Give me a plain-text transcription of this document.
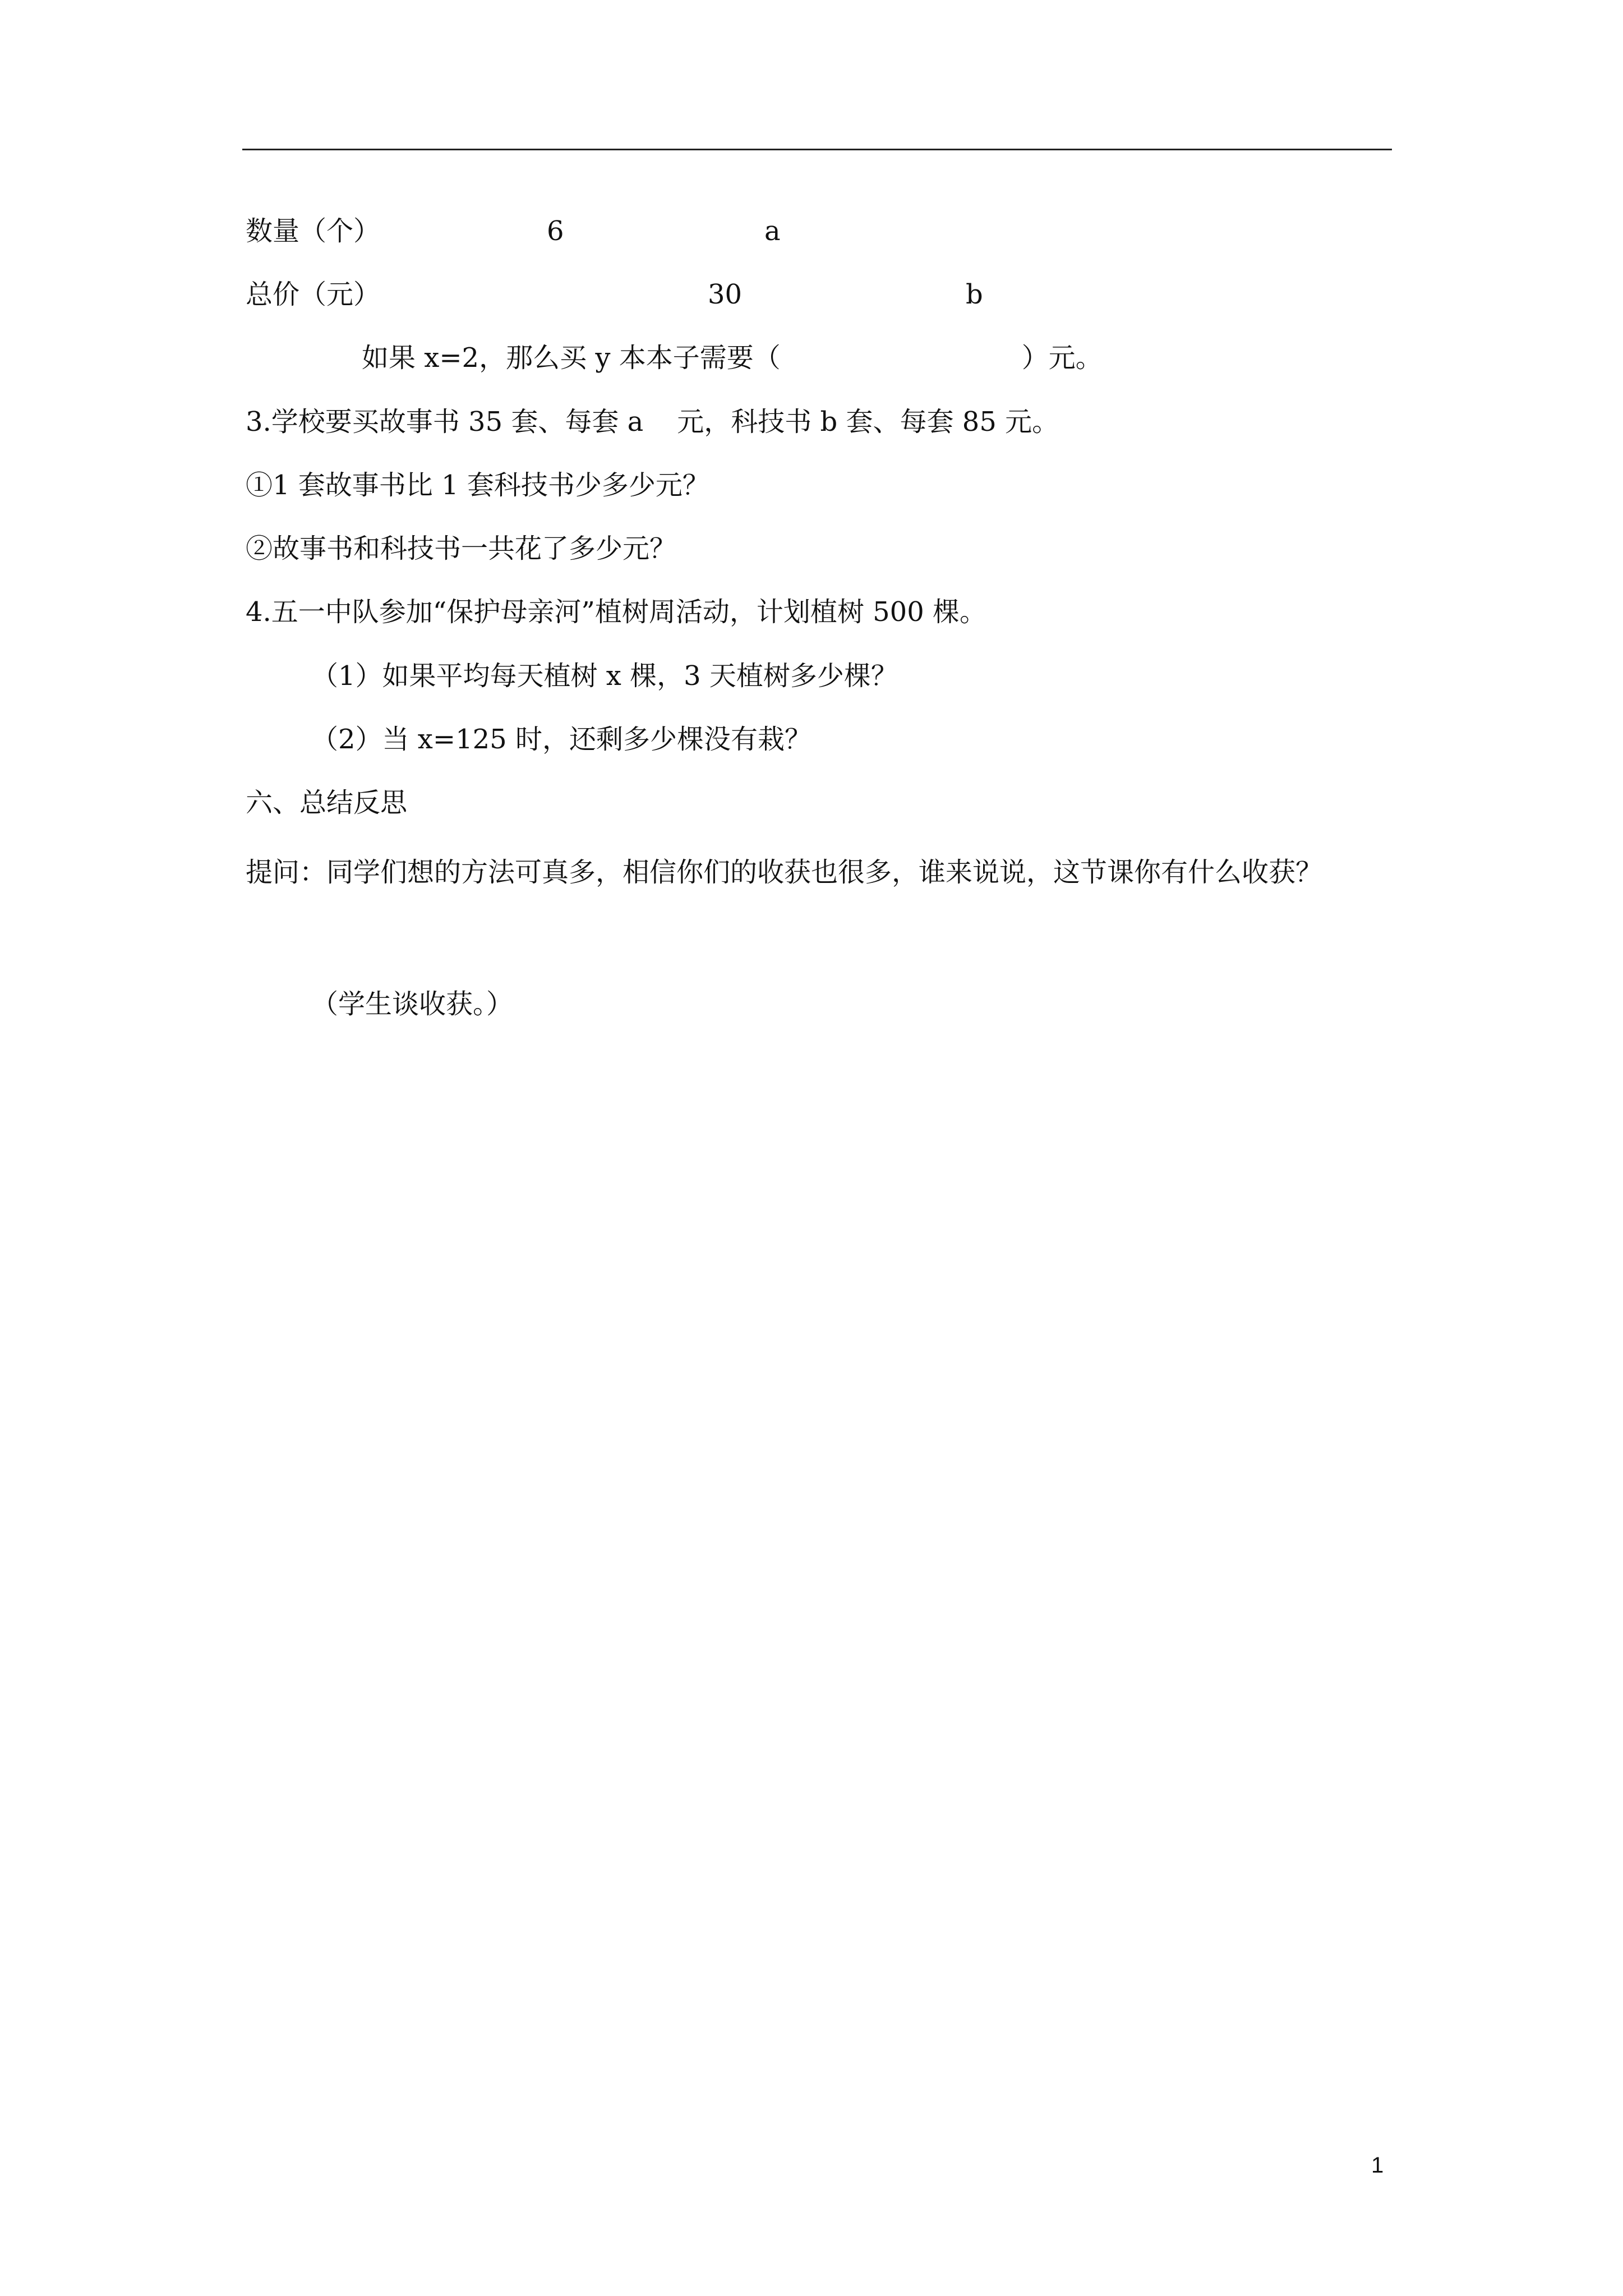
数量（个）	6	a
总价（元）	30	b
如果 x=2，那么买 y 本本子需要（	）元。
3.学校要买故事书 35 套、每套 a 元，科技书 b 套、每套 85 元。
①1 套故事书比 1 套科技书少多少元？
②故事书和科技书一共花了多少元？
4.五一中队参加“保护母亲河”植树周活动，计划植树 500 棵。
（1）如果平均每天植树 x 棵，3 天植树多少棵？
（2）当 x=125 时，还剩多少棵没有栽？
六、总结反思
提问：同学们想的方法可真多，相信你们的收获也很多，谁来说说，这节课你有什么收获？
（学生谈收获。）
1
